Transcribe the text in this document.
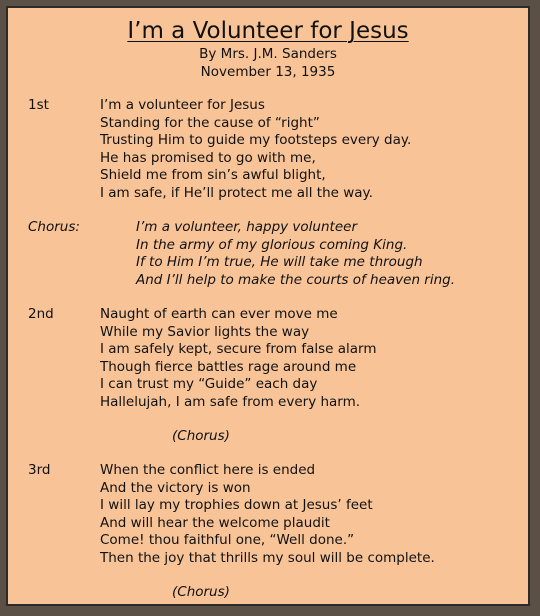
I’m a Volunteer for Jesus
By Mrs. J.M. Sanders
November 13, 1935
1st	I’m a volunteer for Jesus
Standing for the cause of “right”
Trusting Him to guide my footsteps every day.
He has promised to go with me,
Shield me from sin’s awful blight,
I am safe, if He’ll protect me all the way.
Chorus:	I’m a volunteer, happy volunteer
In the army of my glorious coming King.
If to Him I’m true, He will take me through
And I’ll help to make the courts of heaven ring.
2nd	Naught of earth can ever move me
While my Savior lights the way
I am safely kept, secure from false alarm
Though fierce battles rage around me
I can trust my “Guide” each day
Hallelujah, I am safe from every harm.
(Chorus)
3rd	When the conflict here is ended
And the victory is won
I will lay my trophies down at Jesus’ feet
And will hear the welcome plaudit
Come! thou faithful one, “Well done.”
Then the joy that thrills my soul will be complete.
(Chorus)
